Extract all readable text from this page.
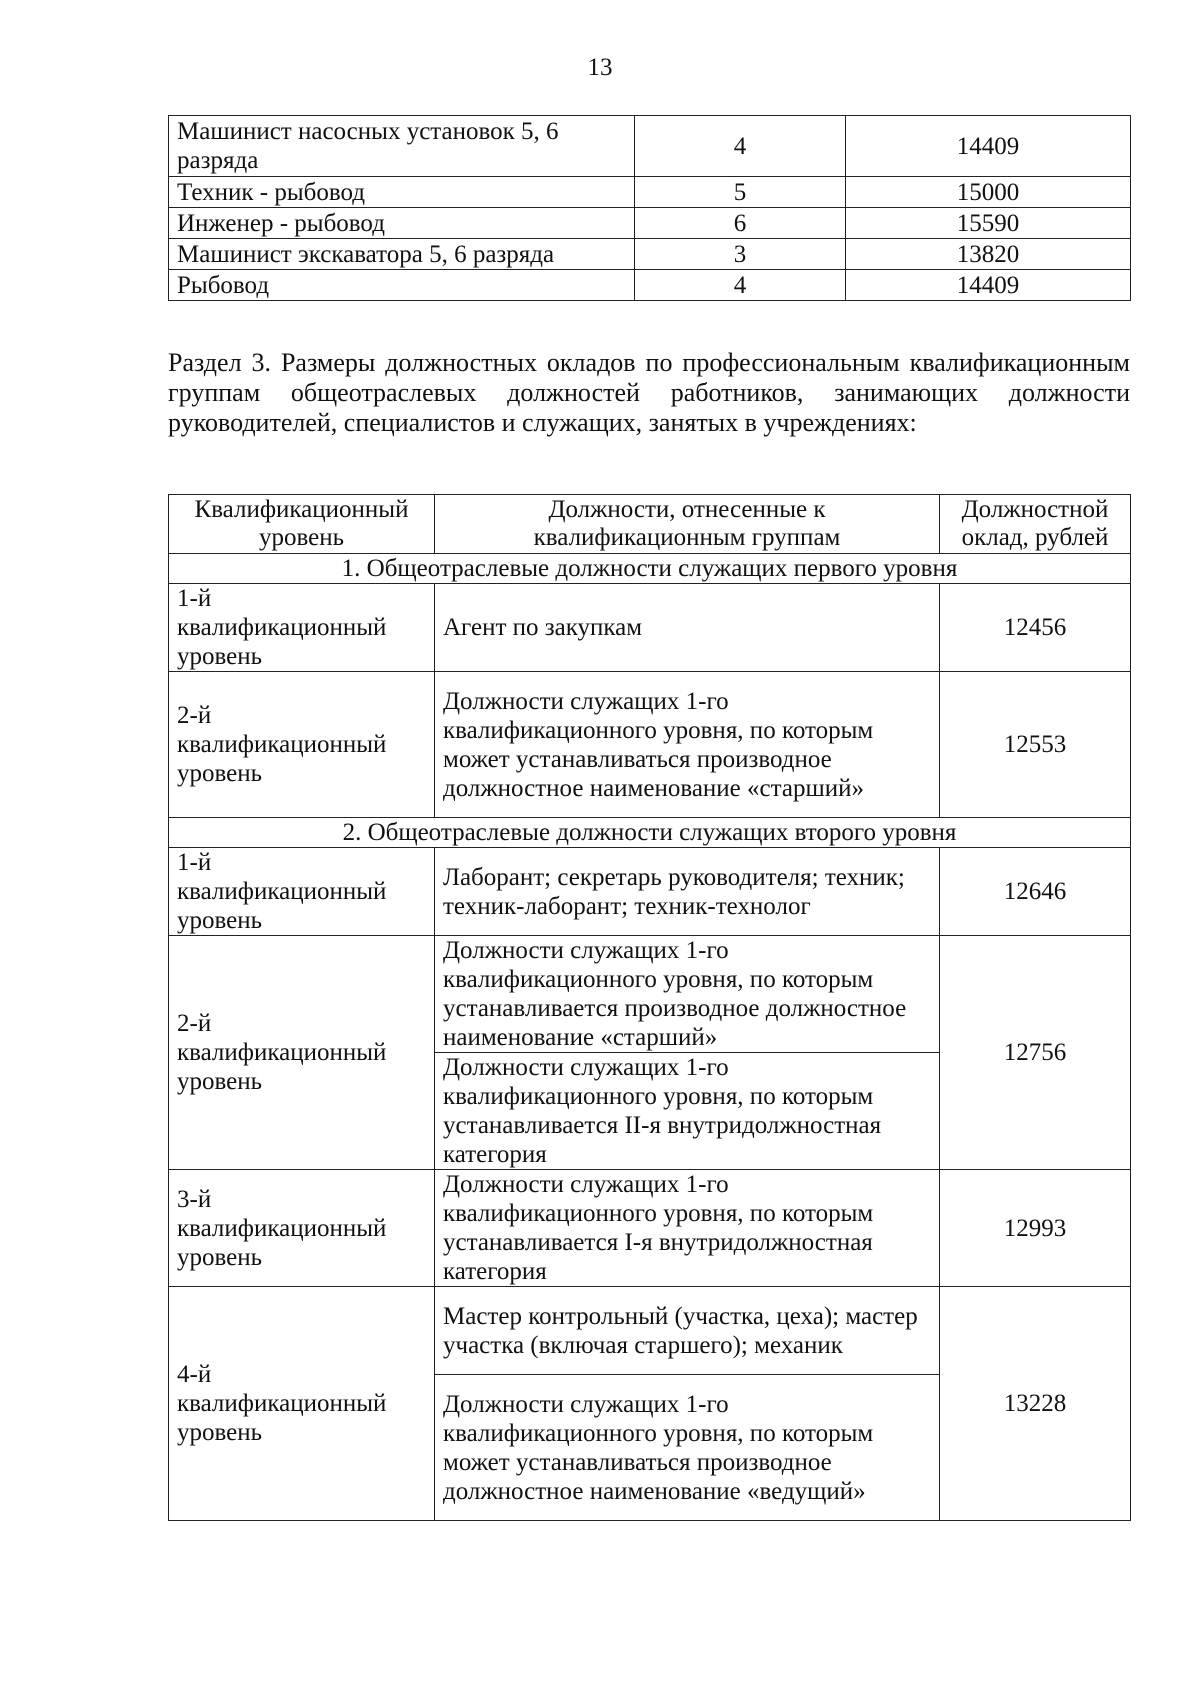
13
Машинист насосных установок 5, 6 разряда	4	14409
Техник - рыбовод	5	15000
Инженер - рыбовод	6	15590
Машинист экскаватора 5, 6 разряда	3	13820
Рыбовод	4	14409
Раздел 3. Размеры должностных окладов по профессиональным квалификационным группам общеотраслевых должностей работников, занимающих должности руководителей, специалистов и служащих, занятых в учреждениях:
Квалификационный уровень	Должности, отнесенные к квалификационным группам	Должностной оклад, рублей
1. Общеотраслевые должности служащих первого уровня		
1-й квалификационный уровень	Агент по закупкам	12456
2-й квалификационный уровень	Должности служащих 1-го квалификационного уровня, по которым может устанавливаться производное должностное наименование «старший»	12553
2. Общеотраслевые должности служащих второго уровня		
1-й квалификационный уровень	Лаборант; секретарь руководителя; техник; техник-лаборант; техник-технолог	12646
2-й квалификационный уровень	Должности служащих 1-го квалификационного уровня, по которым устанавливается производное должностное наименование «старший»	12756
	Должности служащих 1-го квалификационного уровня, по которым устанавливается II-я внутридолжностная категория	
3-й квалификационный уровень	Должности служащих 1-го квалификационного уровня, по которым устанавливается I-я внутридолжностная категория	12993
4-й квалификационный уровень	Мастер контрольный (участка, цеха); мастер участка (включая старшего); механик	13228
	Должности служащих 1-го квалификационного уровня, по которым может устанавливаться производное должностное наименование «ведущий»	
